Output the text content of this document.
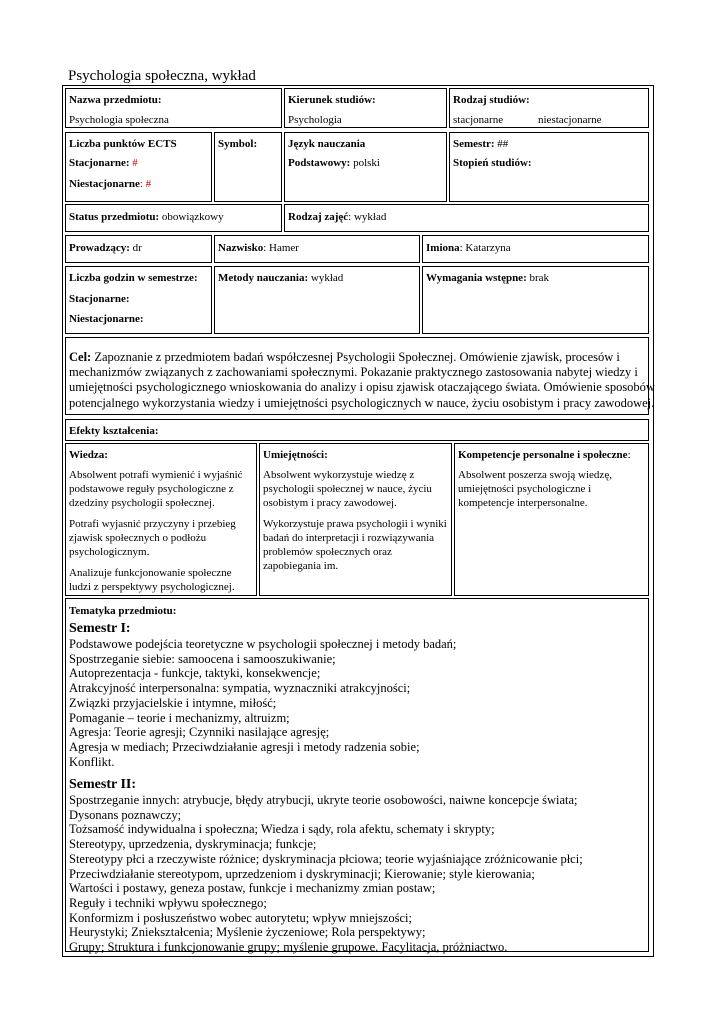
Psychologia społeczna, wykład
Nazwa przedmiotu:
Psychologia społeczna
Kierunek studiów:
Psychologia
Rodzaj studiów:
stacjonarne	niestacjonarne
Liczba punktów ECTS
Stacjonarne: #
Niestacjonarne: #
Symbol:	Język nauczania
Podstawowy: polski
Semestr: ##
Stopień studiów:
Status przedmiotu: obowiązkowy	Rodzaj zajęć: wykład
Prowadzący: dr	Nazwisko: Hamer	Imiona: Katarzyna
Liczba godzin w semestrze:
Stacjonarne:
Niestacjonarne:
Metody nauczania: wykład	Wymagania wstępne: brak
Cel: Zapoznanie z przedmiotem badań współczesnej Psychologii Społecznej. Omówienie zjawisk, procesów i
mechanizmów związanych z zachowaniami społecznymi. Pokazanie praktycznego zastosowania nabytej wiedzy i
umiejętności psychologicznego wnioskowania do analizy i opisu zjawisk otaczającego świata. Omówienie sposobów
potencjalnego wykorzystania wiedzy i umiejętności psychologicznych w nauce, życiu osobistym i pracy zawodowej.
Efekty kształcenia:
Wiedza:

Absolwent potrafi wymienić i wyjaśnić podstawowe reguły psychologiczne z dzedziny psychologii społecznej.

Potrafi wyjasnić przyczyny i przebieg zjawisk społecznych o podłożu psychologicznym.

Analizuje funkcjonowanie społeczne ludzi z perspektywy psychologicznej.

Umiejętności:

Absolwent wykorzystuje wiedzę z psychologii społecznej w nauce, życiu osobistym i pracy zawodowej.

Wykorzystuje prawa psychologii i wyniki badań do interpretacji i rozwiązywania problemów społecznych oraz zapobiegania im.

Kompetencje personalne i społeczne:

Absolwent poszerza swoją wiedzę, umiejętności psychologiczne i kompetencje interpersonalne.

Tematyka przedmiotu:
Semestr I:
Podstawowe podejścia teoretyczne w psychologii społecznej i metody badań;
Spostrzeganie siebie: samoocena i samooszukiwanie;
Autoprezentacja - funkcje, taktyki, konsekwencje;
Atrakcyjność interpersonalna: sympatia, wyznaczniki atrakcyjności;
Związki przyjacielskie i intymne, miłość;
Pomaganie – teorie i mechanizmy, altruizm;
Agresja: Teorie agresji; Czynniki nasilające agresję;
Agresja w mediach; Przeciwdziałanie agresji i metody radzenia sobie;
Konflikt.
Semestr II:
Spostrzeganie innych: atrybucje, błędy atrybucji, ukryte teorie osobowości, naiwne koncepcje świata;
Dysonans poznawczy;
Tożsamość indywidualna i społeczna; Wiedza i sądy, rola afektu, schematy i skrypty;
Stereotypy, uprzedzenia, dyskryminacja; funkcje;
Stereotypy płci a rzeczywiste różnice; dyskryminacja płciowa; teorie wyjaśniające zróżnicowanie płci;
Przeciwdziałanie stereotypom, uprzedzeniom i dyskryminacji; Kierowanie; style kierowania;
Wartości i postawy, geneza postaw, funkcje i mechanizmy zmian postaw;
Reguły i techniki wpływu społecznego;
Konformizm i posłuszeństwo wobec autorytetu; wpływ mniejszości;
Heurystyki; Zniekształcenia; Myślenie życzeniowe; Rola perspektywy;
Grupy; Struktura i funkcjonowanie grupy; myślenie grupowe. Facylitacja, próżniactwo.
